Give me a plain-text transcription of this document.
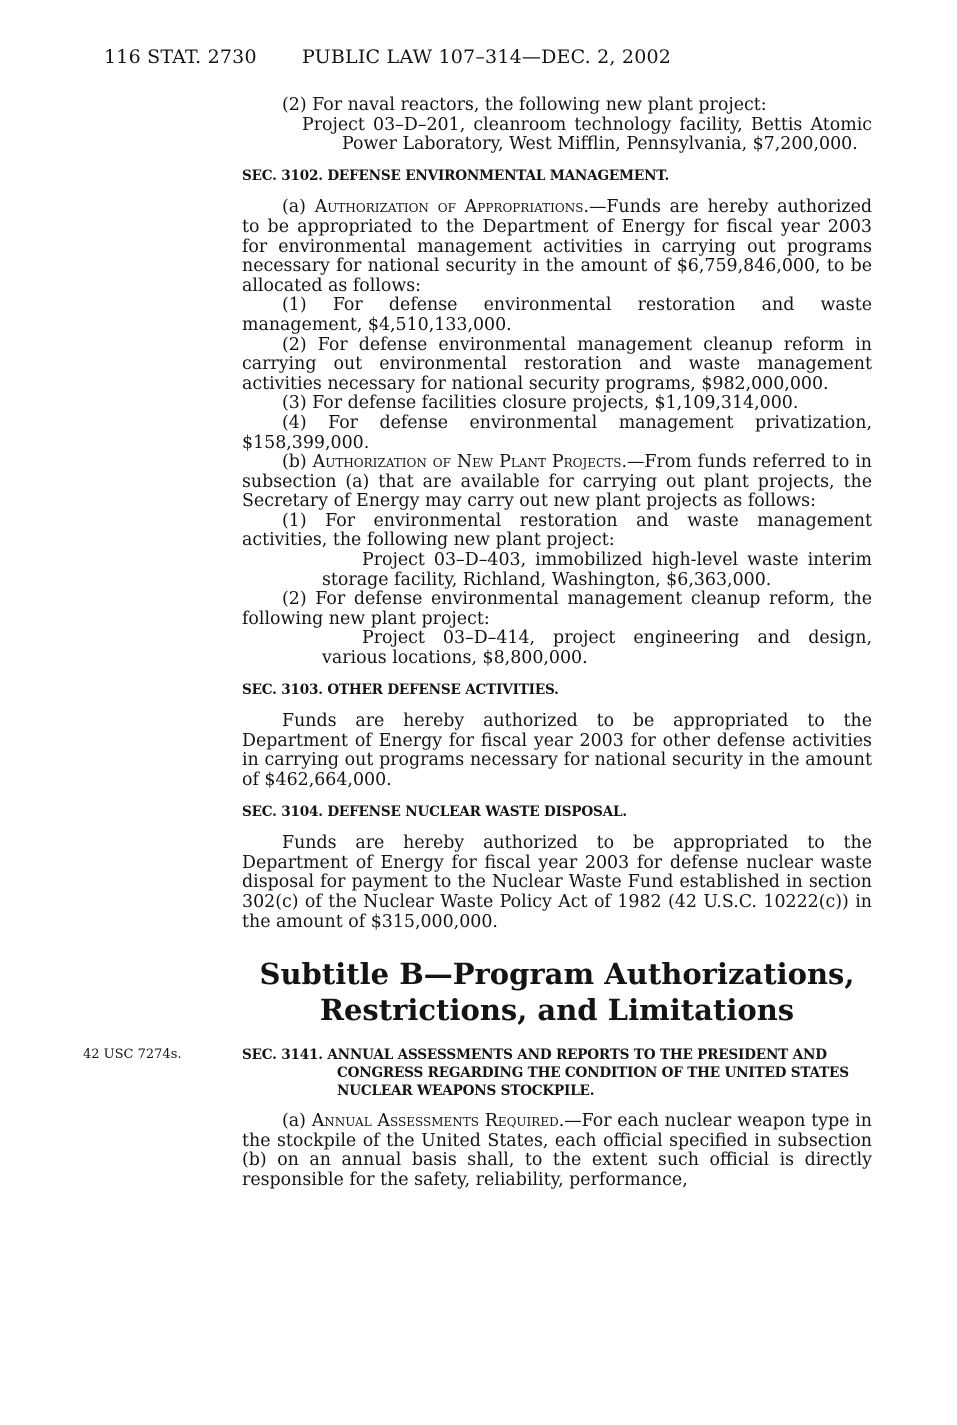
116 STAT. 2730 PUBLIC LAW 107–314—DEC. 2, 2002

(2) For naval reactors, the following new plant project:

Project 03–D–201, cleanroom technology facility, Bettis Atomic Power Laboratory, West Mifflin, Pennsylvania, $7,200,000.

SEC. 3102. DEFENSE ENVIRONMENTAL MANAGEMENT.

(a) Authorization of Appropriations.—Funds are hereby authorized to be appropriated to the Department of Energy for fiscal year 2003 for environmental management activities in carrying out programs necessary for national security in the amount of $6,759,846,000, to be allocated as follows:

(1) For defense environmental restoration and waste management, $4,510,133,000.

(2) For defense environmental management cleanup reform in carrying out environmental restoration and waste management activities necessary for national security programs, $982,000,000.

(3) For defense facilities closure projects, $1,109,314,000.

(4) For defense environmental management privatization, $158,399,000.

(b) Authorization of New Plant Projects.—From funds referred to in subsection (a) that are available for carrying out plant projects, the Secretary of Energy may carry out new plant projects as follows:

(1) For environmental restoration and waste management activities, the following new plant project:

Project 03–D–403, immobilized high-level waste interim storage facility, Richland, Washington, $6,363,000.

(2) For defense environmental management cleanup reform, the following new plant project:

Project 03–D–414, project engineering and design, various locations, $8,800,000.

SEC. 3103. OTHER DEFENSE ACTIVITIES.

Funds are hereby authorized to be appropriated to the Department of Energy for fiscal year 2003 for other defense activities in carrying out programs necessary for national security in the amount of $462,664,000.

SEC. 3104. DEFENSE NUCLEAR WASTE DISPOSAL.

Funds are hereby authorized to be appropriated to the Department of Energy for fiscal year 2003 for defense nuclear waste disposal for payment to the Nuclear Waste Fund established in section 302(c) of the Nuclear Waste Policy Act of 1982 (42 U.S.C. 10222(c)) in the amount of $315,000,000.

Subtitle B—Program Authorizations,
Restrictions, and Limitations

42 USC 7274s.	SEC. 3141. ANNUAL ASSESSMENTS AND REPORTS TO THE PRESIDENT AND CONGRESS REGARDING THE CONDITION OF THE UNITED STATES NUCLEAR WEAPONS STOCKPILE.

(a) Annual Assessments Required.—For each nuclear weapon type in the stockpile of the United States, each official specified in subsection (b) on an annual basis shall, to the extent such official is directly responsible for the safety, reliability, performance,
